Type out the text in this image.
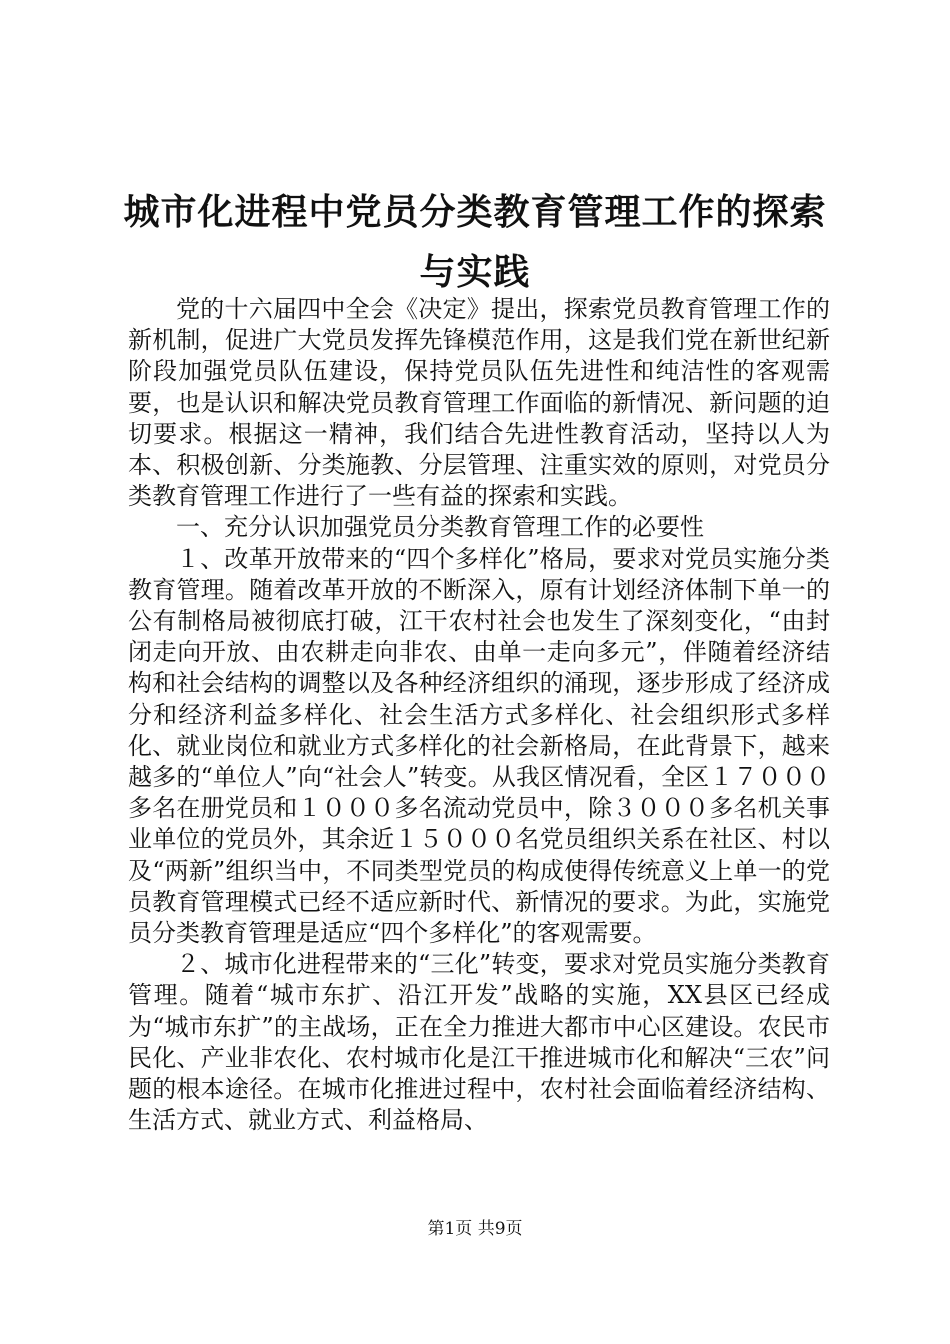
城市化进程中党员分类教育管理工作的探索与实践

党的十六届四中全会《决定》提出，探索党员教育管理工作的新机制，促进广大党员发挥先锋模范作用，这是我们党在新世纪新阶段加强党员队伍建设，保持党员队伍先进性和纯洁性的客观需要，也是认识和解决党员教育管理工作面临的新情况、新问题的迫切要求。根据这一精神，我们结合先进性教育活动，坚持以人为本、积极创新、分类施教、分层管理、注重实效的原则，对党员分类教育管理工作进行了一些有益的探索和实践。

一、充分认识加强党员分类教育管理工作的必要性

１、改革开放带来的“四个多样化”格局，要求对党员实施分类教育管理。随着改革开放的不断深入，原有计划经济体制下单一的公有制格局被彻底打破，江干农村社会也发生了深刻变化，“由封闭走向开放、由农耕走向非农、由单一走向多元”，伴随着经济结构和社会结构的调整以及各种经济组织的涌现，逐步形成了经济成分和经济利益多样化、社会生活方式多样化、社会组织形式多样化、就业岗位和就业方式多样化的社会新格局，在此背景下，越来越多的“单位人”向“社会人”转变。从我区情况看，全区１７０００多名在册党员和１０００多名流动党员中，除３０００多名机关事业单位的党员外，其余近１５０００名党员组织关系在社区、村以及“两新”组织当中，不同类型党员的构成使得传统意义上单一的党员教育管理模式已经不适应新时代、新情况的要求。为此，实施党员分类教育管理是适应“四个多样化”的客观需要。

２、城市化进程带来的“三化”转变，要求对党员实施分类教育管理。随着“城市东扩、沿江开发”战略的实施，XX县区已经成为“城市东扩”的主战场，正在全力推进大都市中心区建设。农民市民化、产业非农化、农村城市化是江干推进城市化和解决“三农”问题的根本途径。在城市化推进过程中，农村社会面临着经济结构、生活方式、就业方式、利益格局、

第1页 共9页
